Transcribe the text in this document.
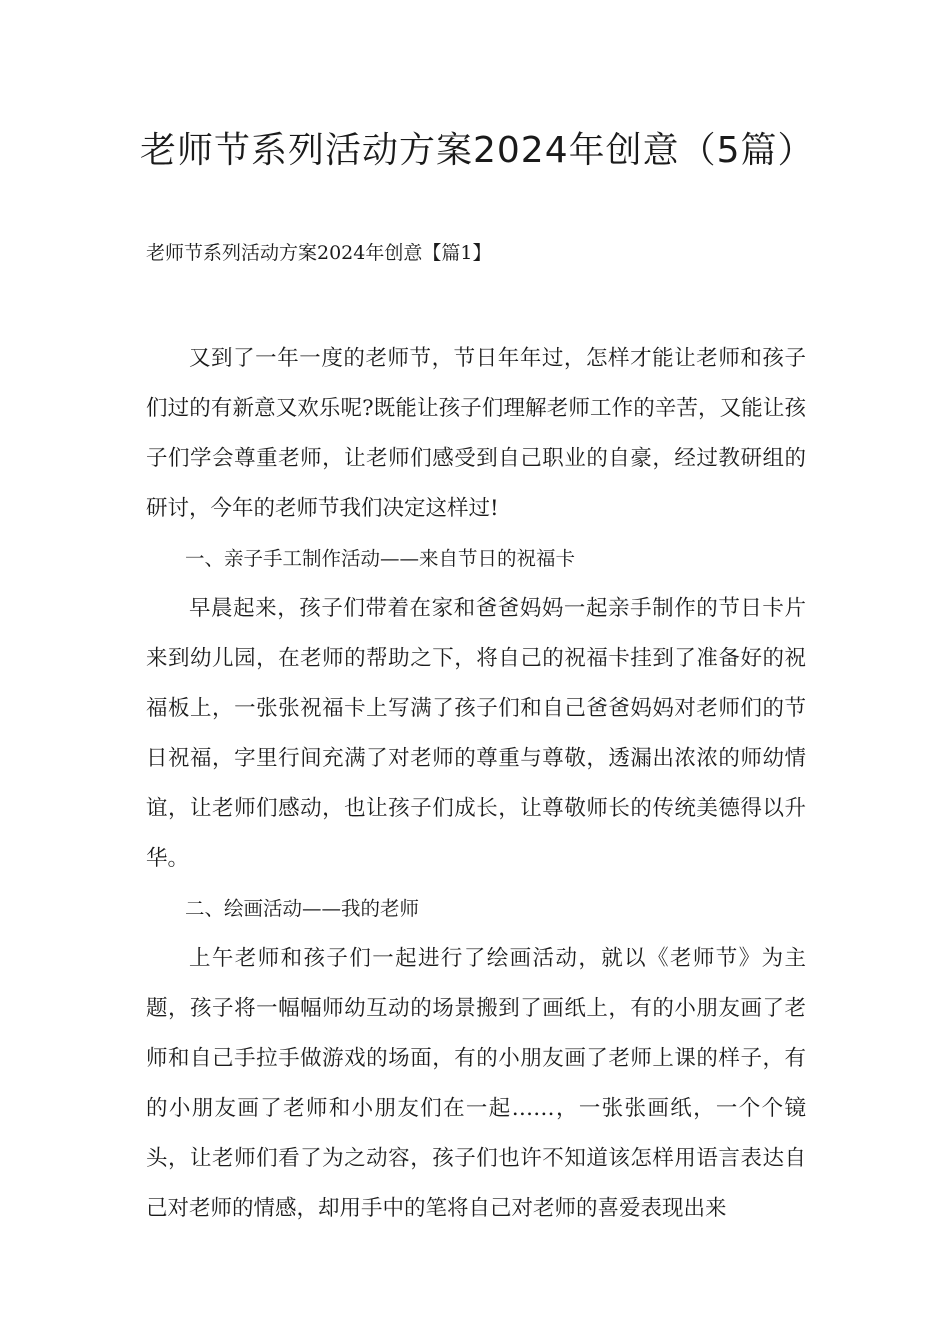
老师节系列活动方案2024年创意（5篇）

老师节系列活动方案2024年创意【篇1】

又到了一年一度的老师节，节日年年过，怎样才能让老师和孩子们过的有新意又欢乐呢?既能让孩子们理解老师工作的辛苦，又能让孩子们学会尊重老师，让老师们感受到自己职业的自豪，经过教研组的研讨，今年的老师节我们决定这样过!

一、亲子手工制作活动——来自节日的祝福卡

早晨起来，孩子们带着在家和爸爸妈妈一起亲手制作的节日卡片来到幼儿园，在老师的帮助之下，将自己的祝福卡挂到了准备好的祝福板上，一张张祝福卡上写满了孩子们和自己爸爸妈妈对老师们的节日祝福，字里行间充满了对老师的尊重与尊敬，透漏出浓浓的师幼情谊，让老师们感动，也让孩子们成长，让尊敬师长的传统美德得以升华。

二、绘画活动——我的老师

上午老师和孩子们一起进行了绘画活动，就以《老师节》为主题，孩子将一幅幅师幼互动的场景搬到了画纸上，有的小朋友画了老师和自己手拉手做游戏的场面，有的小朋友画了老师上课的样子，有的小朋友画了老师和小朋友们在一起……，一张张画纸，一个个镜头，让老师们看了为之动容，孩子们也许不知道该怎样用语言表达自己对老师的情感，却用手中的笔将自己对老师的喜爱表现出来
